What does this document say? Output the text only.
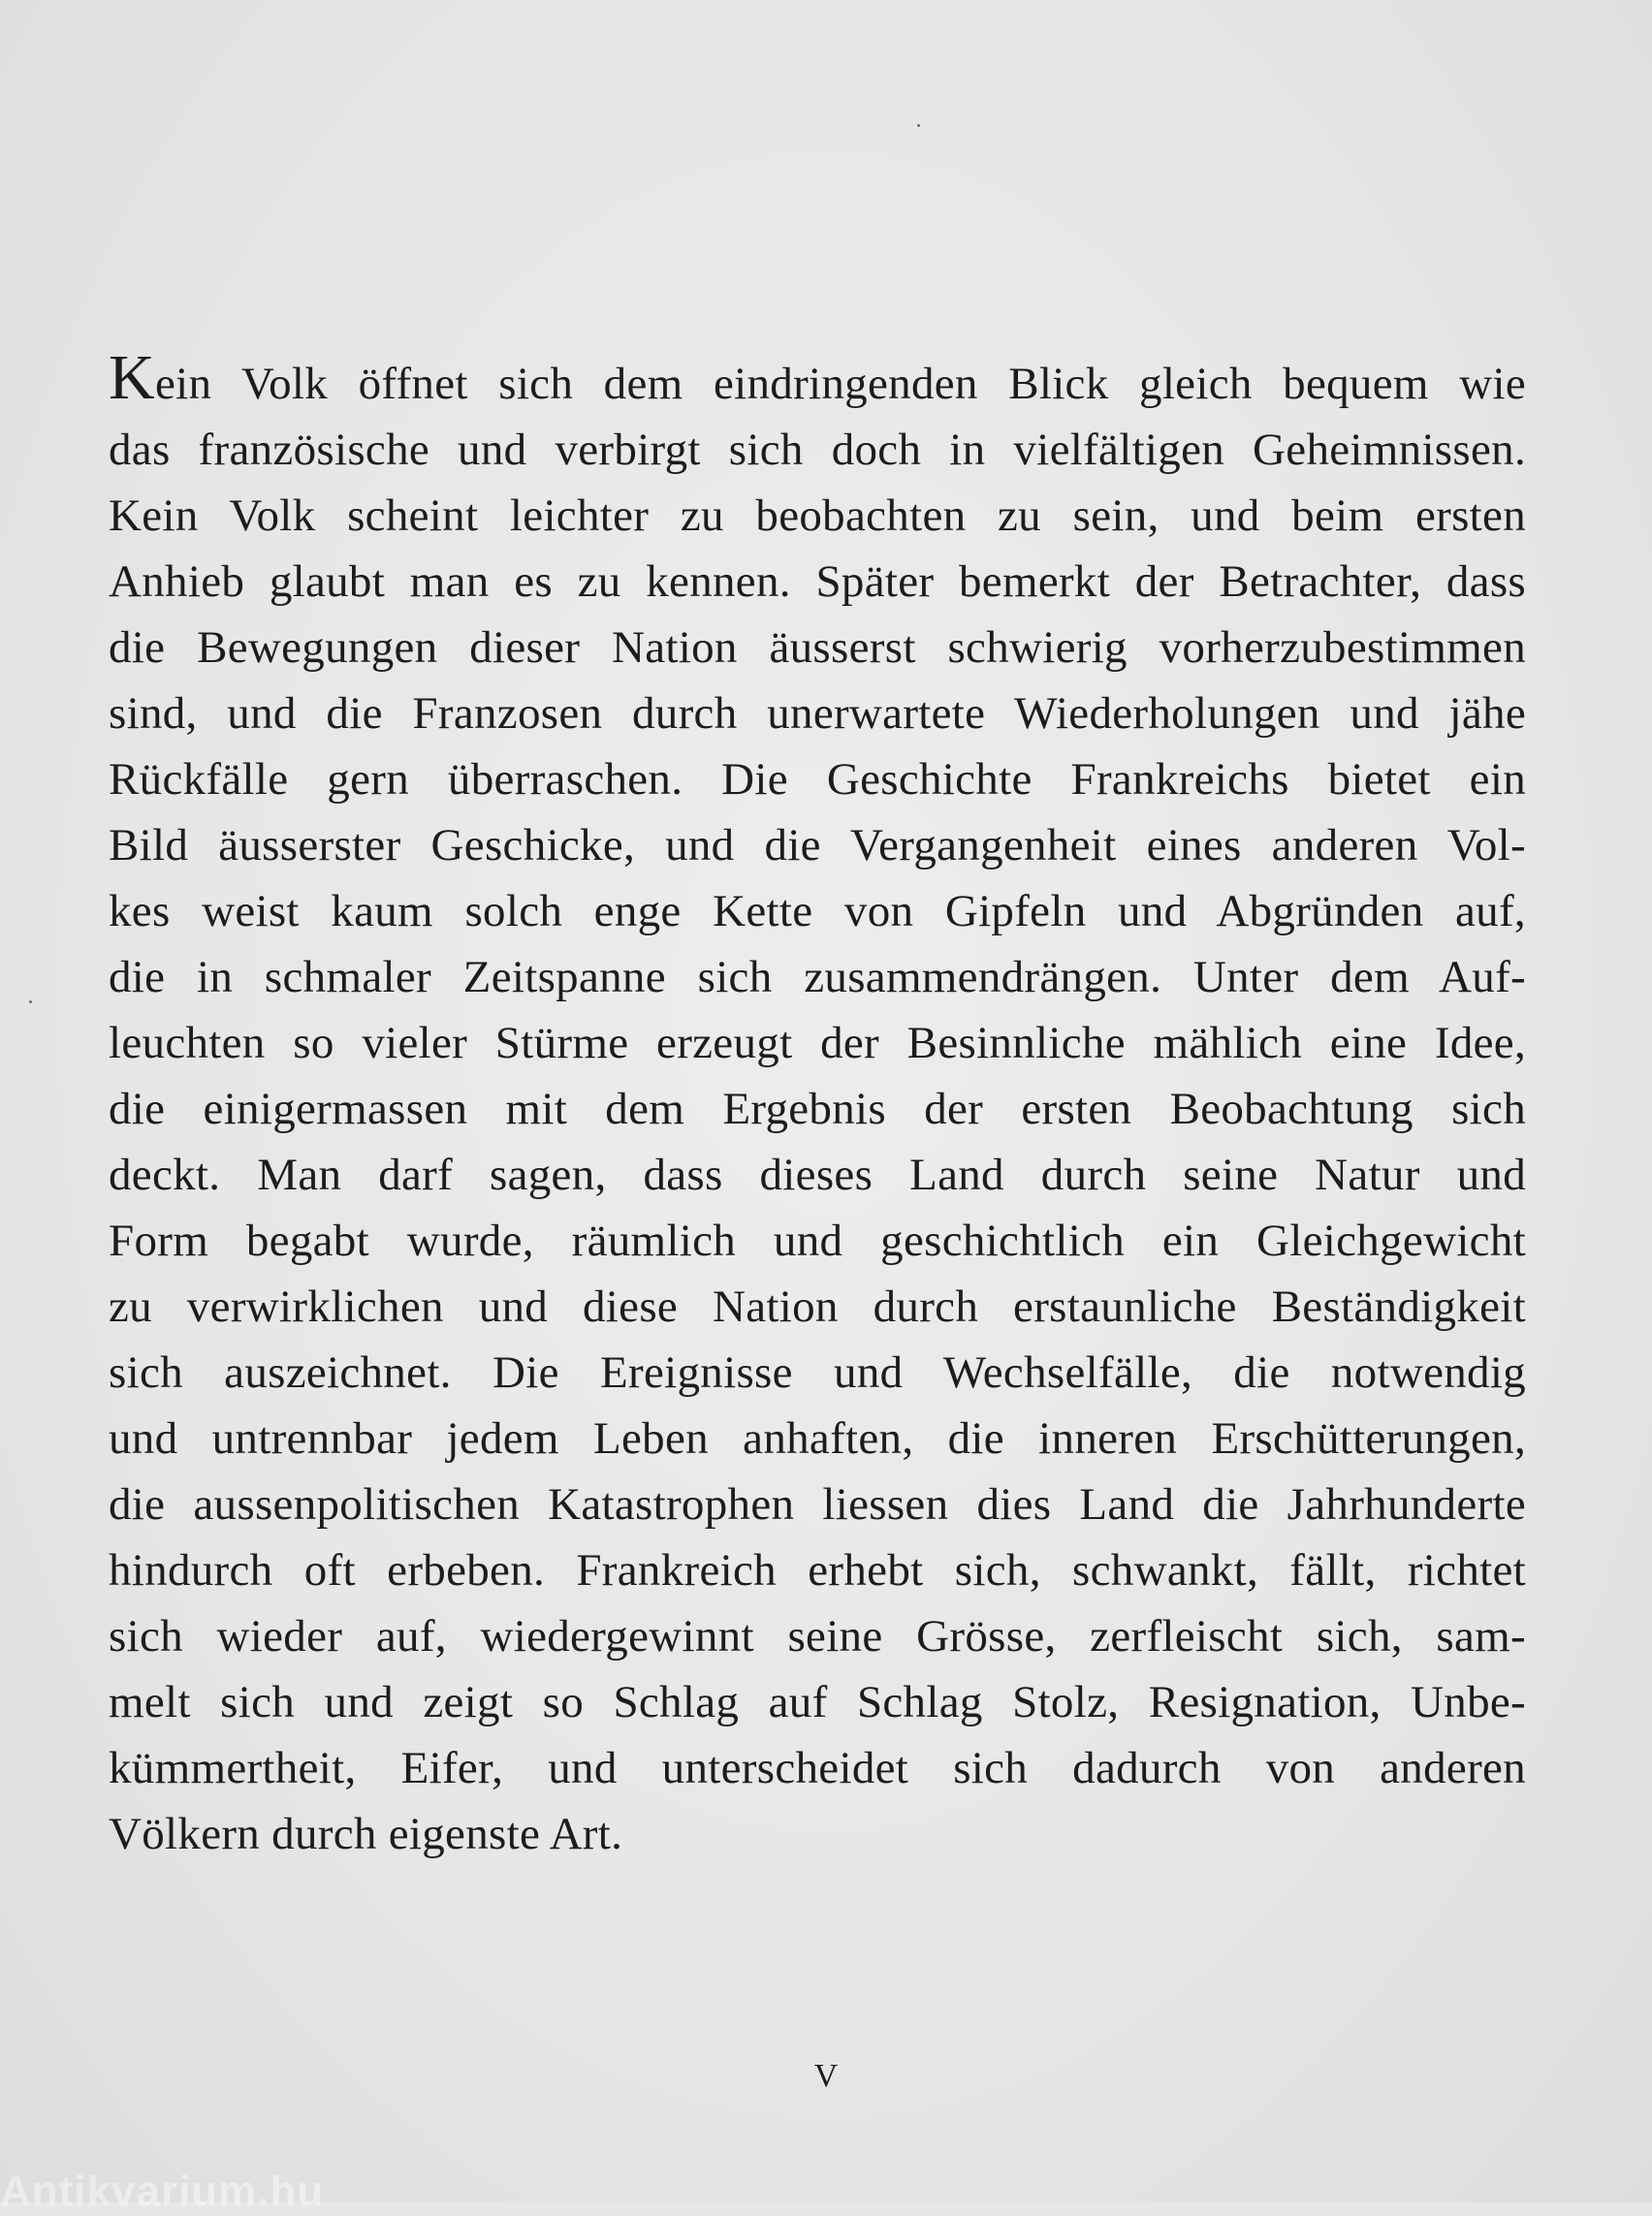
Kein Volk öffnet sich dem eindringenden Blick gleich bequem wie
das französische und verbirgt sich doch in vielfältigen Geheimnissen.
Kein Volk scheint leichter zu beobachten zu sein, und beim ersten
Anhieb glaubt man es zu kennen. Später bemerkt der Betrachter, dass
die Bewegungen dieser Nation äusserst schwierig vorherzubestimmen
sind, und die Franzosen durch unerwartete Wiederholungen und jähe
Rückfälle gern überraschen. Die Geschichte Frankreichs bietet ein
Bild äusserster Geschicke, und die Vergangenheit eines anderen Vol-
kes weist kaum solch enge Kette von Gipfeln und Abgründen auf,
die in schmaler Zeitspanne sich zusammendrängen. Unter dem Auf-
leuchten so vieler Stürme erzeugt der Besinnliche mählich eine Idee,
die einigermassen mit dem Ergebnis der ersten Beobachtung sich
deckt. Man darf sagen, dass dieses Land durch seine Natur und
Form begabt wurde, räumlich und geschichtlich ein Gleichgewicht
zu verwirklichen und diese Nation durch erstaunliche Beständigkeit
sich auszeichnet. Die Ereignisse und Wechselfälle, die notwendig
und untrennbar jedem Leben anhaften, die inneren Erschütterungen,
die aussenpolitischen Katastrophen liessen dies Land die Jahrhunderte
hindurch oft erbeben. Frankreich erhebt sich, schwankt, fällt, richtet
sich wieder auf, wiedergewinnt seine Grösse, zerfleischt sich, sam-
melt sich und zeigt so Schlag auf Schlag Stolz, Resignation, Unbe-
kümmertheit, Eifer, und unterscheidet sich dadurch von anderen
Völkern durch eigenste Art.
V
Antikvarium.hu
